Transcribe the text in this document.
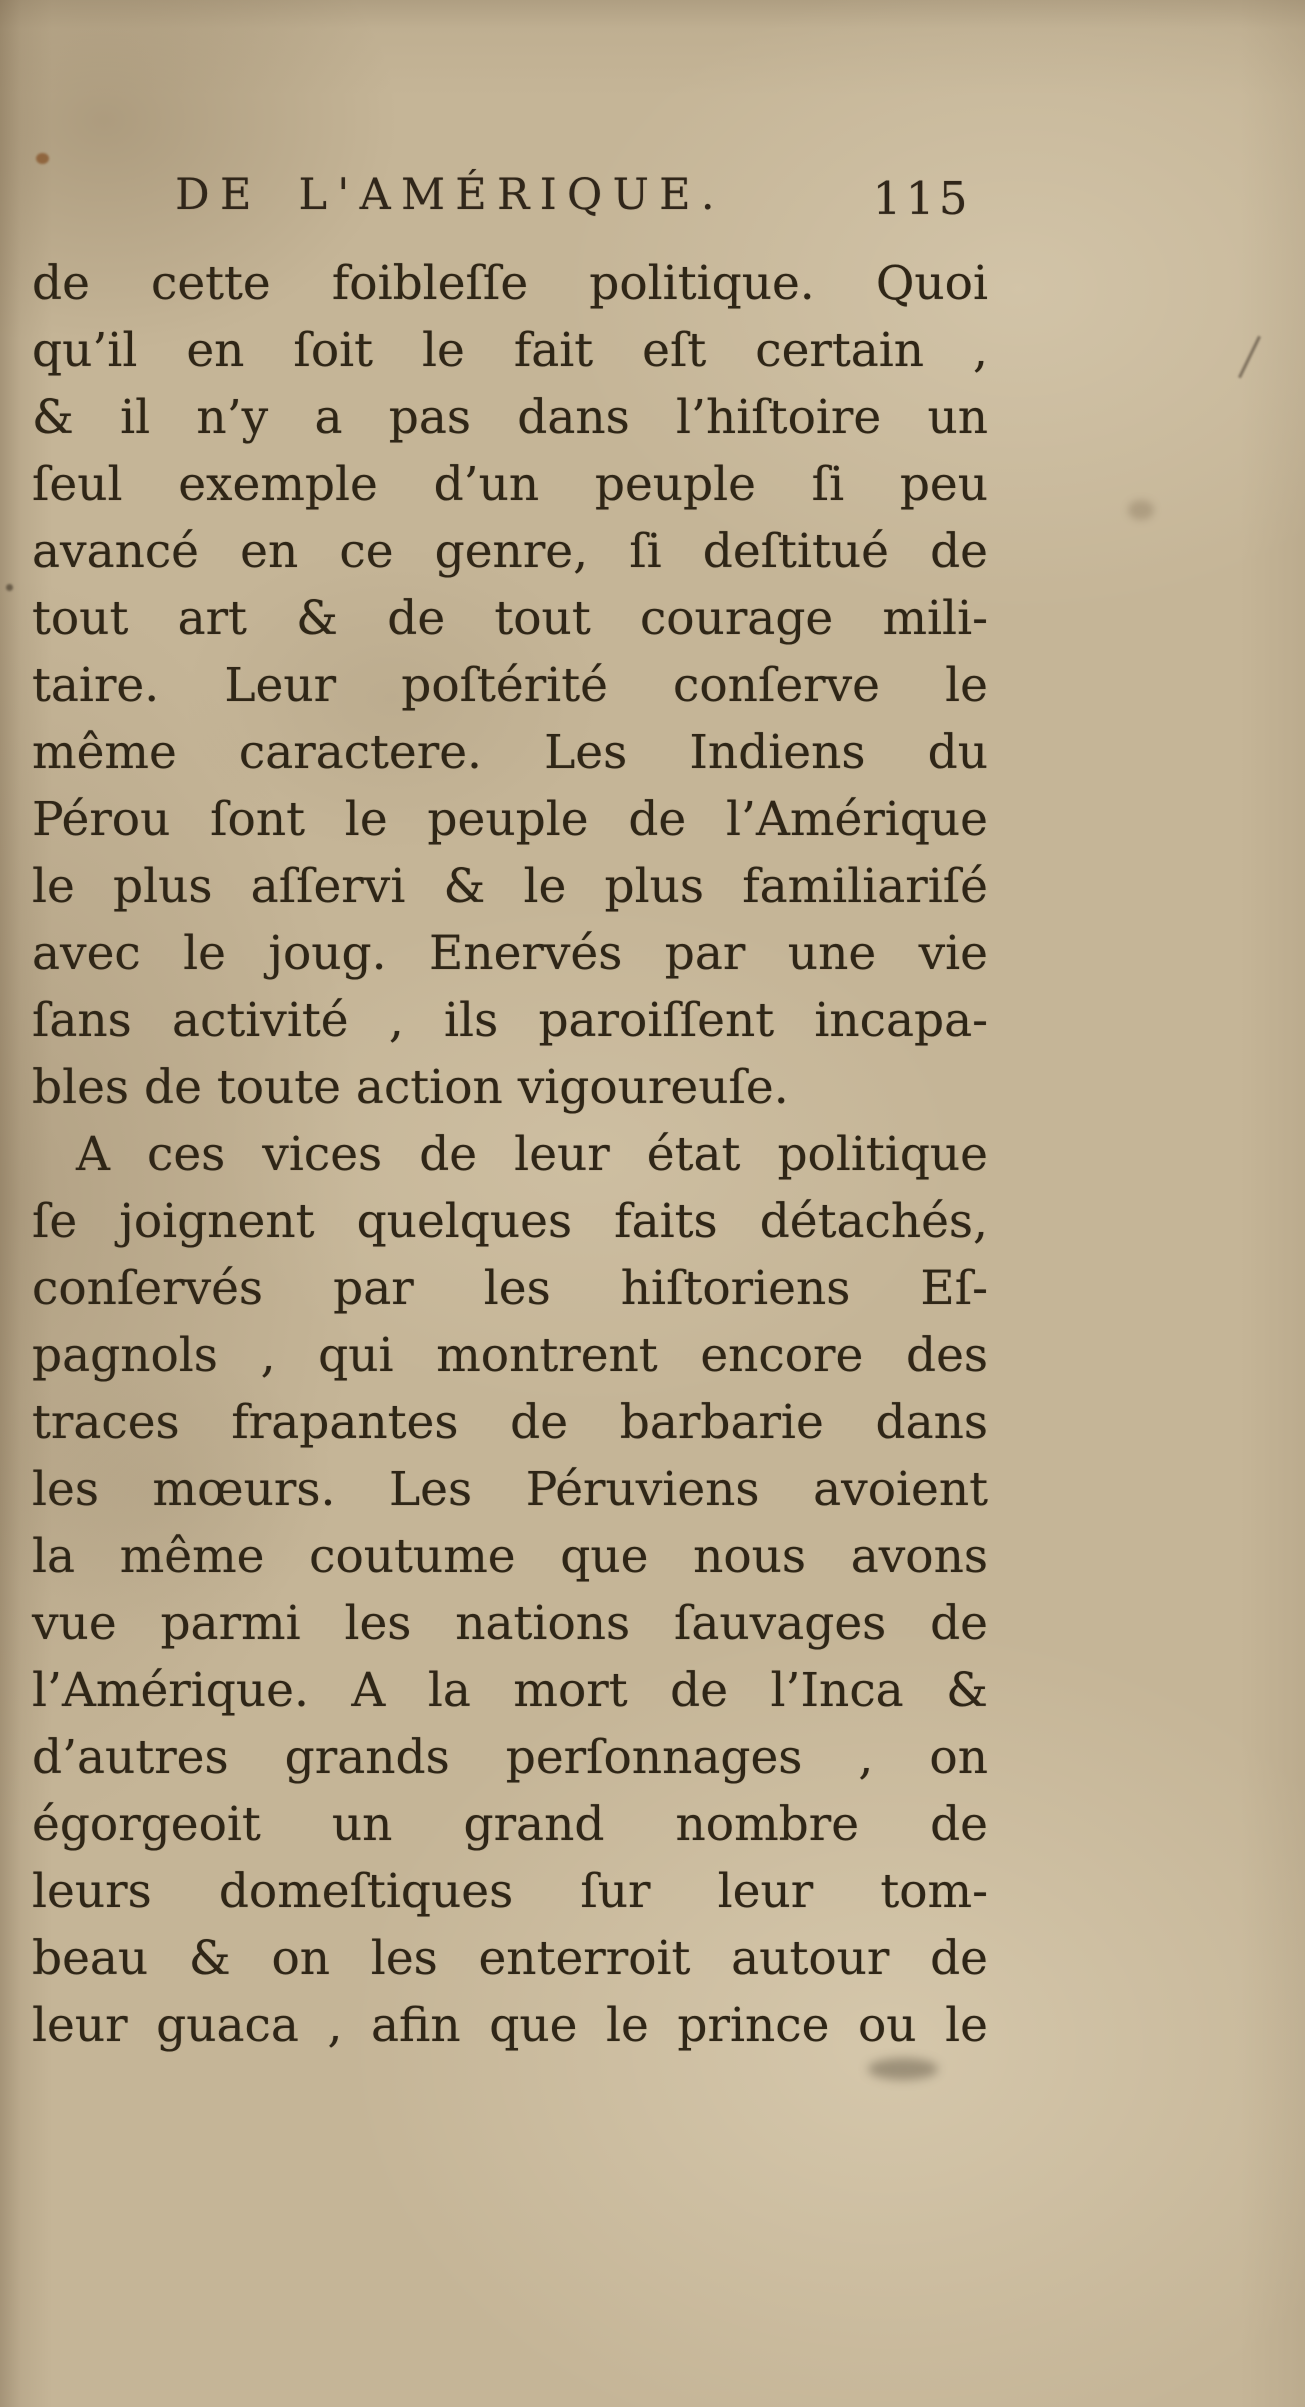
DE L'AMÉRIQUE.	115
de cette foibleſſe politique. Quoi
qu’il en ſoit le fait eſt certain ,
& il n’y a pas dans l’hiſtoire un
ſeul exemple d’un peuple ſi peu
avancé en ce genre, ſi deſtitué de
tout art & de tout courage mili-
taire. Leur poſtérité conſerve le
même caractere. Les Indiens du
Pérou ſont le peuple de l’Amérique
le plus aſſervi & le plus familiariſé
avec le joug. Enervés par une vie
ſans activité , ils paroiſſent incapa-
bles de toute action vigoureuſe.
A ces vices de leur état politique
ſe joignent quelques faits détachés,
conſervés par les hiſtoriens Eſ-
pagnols , qui montrent encore des
traces frapantes de barbarie dans
les mœurs. Les Péruviens avoient
la même coutume que nous avons
vue parmi les nations ſauvages de
l’Amérique. A la mort de l’Inca &
d’autres grands perſonnages , on
égorgeoit un grand nombre de
leurs domeſtiques ſur leur tom-
beau & on les enterroit autour de
leur guaca , afin que le prince ou le
